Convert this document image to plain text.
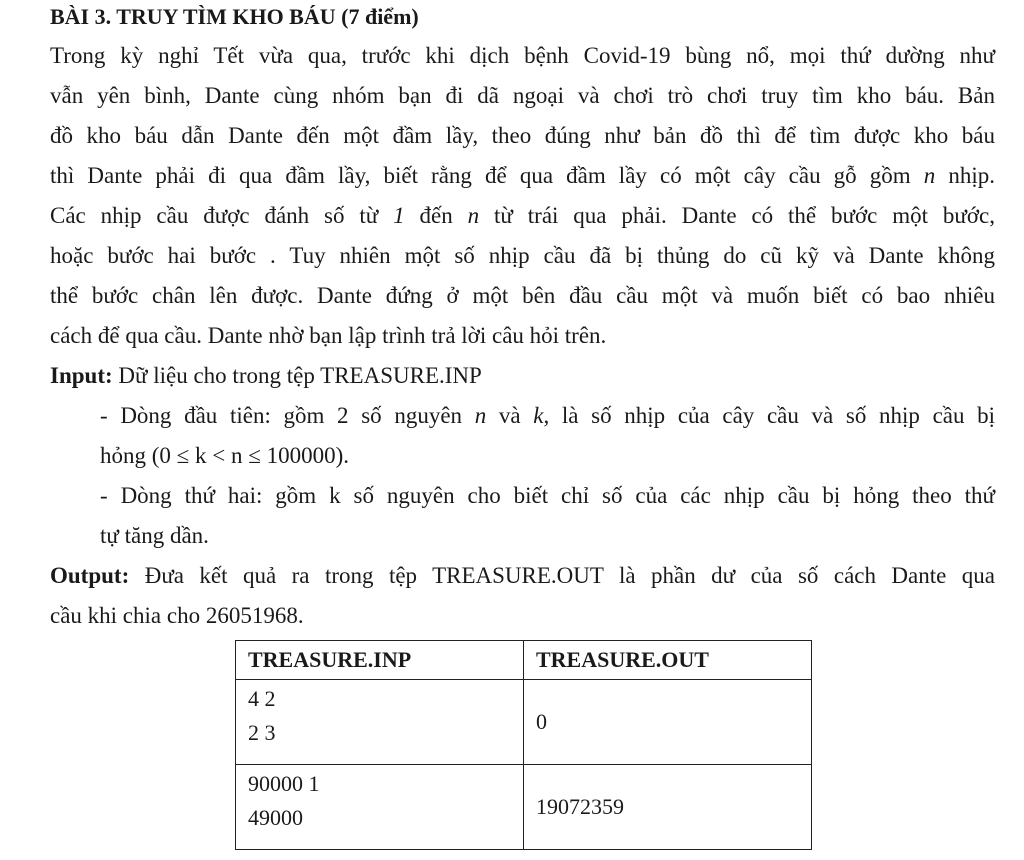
BÀI 3. TRUY TÌM KHO BÁU (7 điểm)
Trong kỳ nghỉ Tết vừa qua, trước khi dịch bệnh Covid-19 bùng nổ, mọi thứ dường như
vẫn yên bình, Dante cùng nhóm bạn đi dã ngoại và chơi trò chơi truy tìm kho báu. Bản
đồ kho báu dẫn Dante đến một đầm lầy, theo đúng như bản đồ thì để tìm được kho báu
thì Dante phải đi qua đầm lầy, biết rằng để qua đầm lầy có một cây cầu gỗ gồm n nhịp.
Các nhịp cầu được đánh số từ 1 đến n từ trái qua phải. Dante có thể bước một bước,
hoặc bước hai bước . Tuy nhiên một số nhịp cầu đã bị thủng do cũ kỹ và Dante không
thể bước chân lên được. Dante đứng ở một bên đầu cầu một và muốn biết có bao nhiêu
cách để qua cầu. Dante nhờ bạn lập trình trả lời câu hỏi trên.
Input: Dữ liệu cho trong tệp TREASURE.INP
- Dòng đầu tiên: gồm 2 số nguyên n và k, là số nhịp của cây cầu và số nhịp cầu bị
hỏng (0 ≤ k < n ≤ 100000).
- Dòng thứ hai: gồm k số nguyên cho biết chỉ số của các nhịp cầu bị hỏng theo thứ
tự tăng dần.
Output: Đưa kết quả ra trong tệp TREASURE.OUT là phần dư của số cách Dante qua
cầu khi chia cho 26051968.
TREASURE.INP	TREASURE.OUT

4 2
2 3	0

90000 1
49000	19072359
